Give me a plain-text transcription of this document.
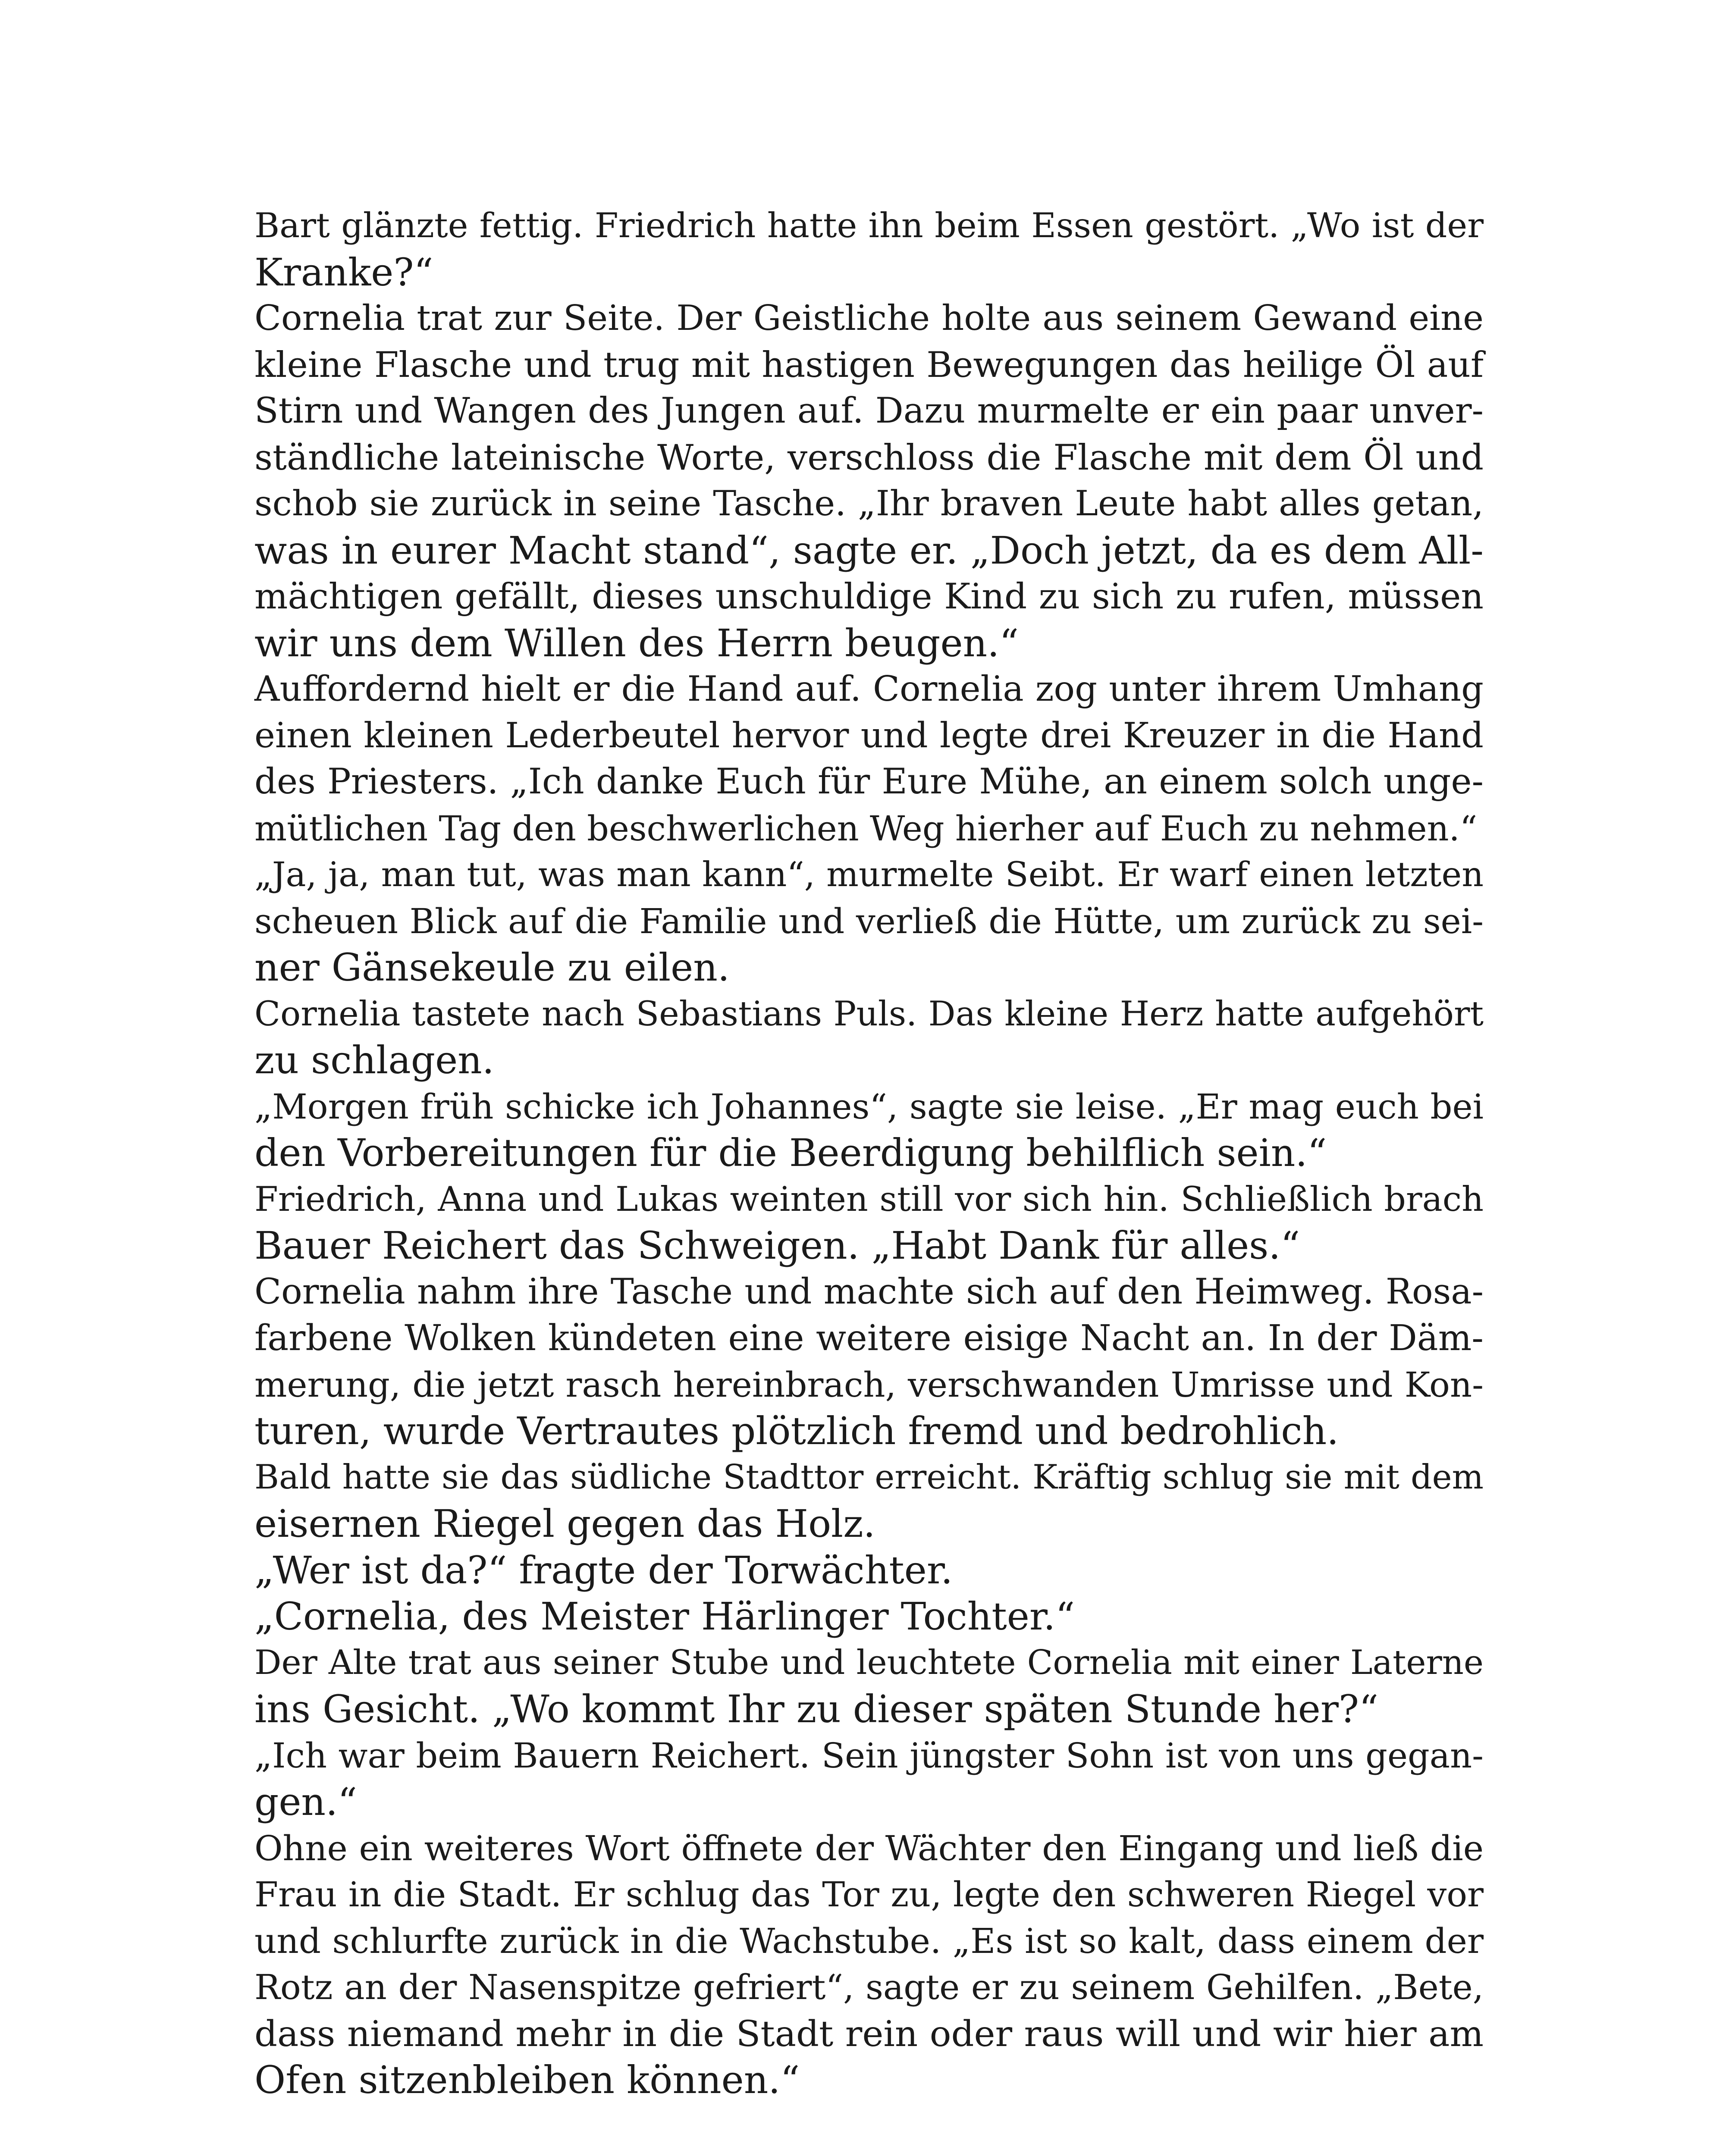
Bart glänzte fettig. Friedrich hatte ihn beim Essen gestört. „Wo ist der
Kranke?“
Cornelia trat zur Seite. Der Geistliche holte aus seinem Gewand eine
kleine Flasche und trug mit hastigen Bewegungen das heilige Öl auf
Stirn und Wangen des Jungen auf. Dazu murmelte er ein paar unver-
ständliche lateinische Worte, verschloss die Flasche mit dem Öl und
schob sie zurück in seine Tasche. „Ihr braven Leute habt alles getan,
was in eurer Macht stand“, sagte er. „Doch jetzt, da es dem All-
mächtigen gefällt, dieses unschuldige Kind zu sich zu rufen, müssen
wir uns dem Willen des Herrn beugen.“
Auffordernd hielt er die Hand auf. Cornelia zog unter ihrem Umhang
einen kleinen Lederbeutel hervor und legte drei Kreuzer in die Hand
des Priesters. „Ich danke Euch für Eure Mühe, an einem solch unge-
mütlichen Tag den beschwerlichen Weg hierher auf Euch zu nehmen.“
„Ja, ja, man tut, was man kann“, murmelte Seibt. Er warf einen letzten
scheuen Blick auf die Familie und verließ die Hütte, um zurück zu sei-
ner Gänsekeule zu eilen.
Cornelia tastete nach Sebastians Puls. Das kleine Herz hatte aufgehört
zu schlagen.
„Morgen früh schicke ich Johannes“, sagte sie leise. „Er mag euch bei
den Vorbereitungen für die Beerdigung behilflich sein.“
Friedrich, Anna und Lukas weinten still vor sich hin. Schließlich brach
Bauer Reichert das Schweigen. „Habt Dank für alles.“
Cornelia nahm ihre Tasche und machte sich auf den Heimweg. Rosa-
farbene Wolken kündeten eine weitere eisige Nacht an. In der Däm-
merung, die jetzt rasch hereinbrach, verschwanden Umrisse und Kon-
turen, wurde Vertrautes plötzlich fremd und bedrohlich.
Bald hatte sie das südliche Stadttor erreicht. Kräftig schlug sie mit dem
eisernen Riegel gegen das Holz.
„Wer ist da?“ fragte der Torwächter.
„Cornelia, des Meister Härlinger Tochter.“
Der Alte trat aus seiner Stube und leuchtete Cornelia mit einer Laterne
ins Gesicht. „Wo kommt Ihr zu dieser späten Stunde her?“
„Ich war beim Bauern Reichert. Sein jüngster Sohn ist von uns gegan-
gen.“
Ohne ein weiteres Wort öffnete der Wächter den Eingang und ließ die
Frau in die Stadt. Er schlug das Tor zu, legte den schweren Riegel vor
und schlurfte zurück in die Wachstube. „Es ist so kalt, dass einem der
Rotz an der Nasenspitze gefriert“, sagte er zu seinem Gehilfen. „Bete,
dass niemand mehr in die Stadt rein oder raus will und wir hier am
Ofen sitzenbleiben können.“
